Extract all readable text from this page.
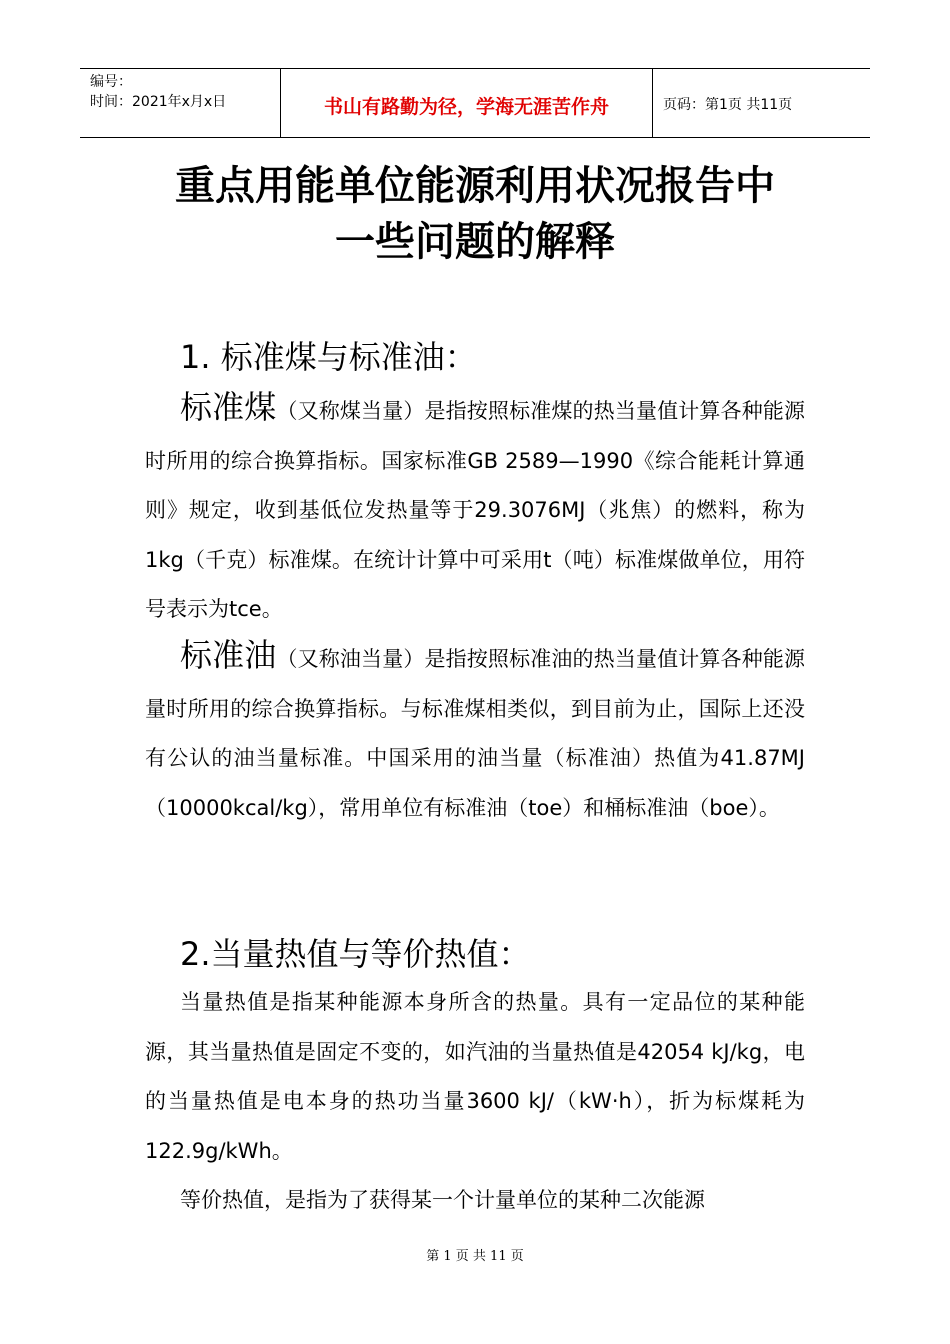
编号：
时间：2021年x月x日	书山有路勤为径，学海无涯苦作舟	页码：第1页 共11页
重点用能单位能源利用状况报告中
一些问题的解释
1. 标准煤与标准油：

标准煤（又称煤当量）是指按照标准煤的热当量值计算各种能源时所用的综合换算指标。国家标准GB 2589—1990《综合能耗计算通则》规定，收到基低位发热量等于29.3076MJ（兆焦）的燃料，称为1kg（千克）标准煤。在统计计算中可采用t（吨）标准煤做单位，用符号表示为tce。

标准油（又称油当量）是指按照标准油的热当量值计算各种能源量时所用的综合换算指标。与标准煤相类似，到目前为止，国际上还没有公认的油当量标准。中国采用的油当量（标准油）热值为41.87MJ（10000kcal/kg），常用单位有标准油（toe）和桶标准油（boe）。

2.当量热值与等价热值：

当量热值是指某种能源本身所含的热量。具有一定品位的某种能源，其当量热值是固定不变的，如汽油的当量热值是42054 kJ/kg，电的当量热值是电本身的热功当量3600 kJ/（kW·h），折为标煤耗为122.9g/kWh。

等价热值，是指为了获得某一个计量单位的某种二次能源

第 1 页 共 11 页
